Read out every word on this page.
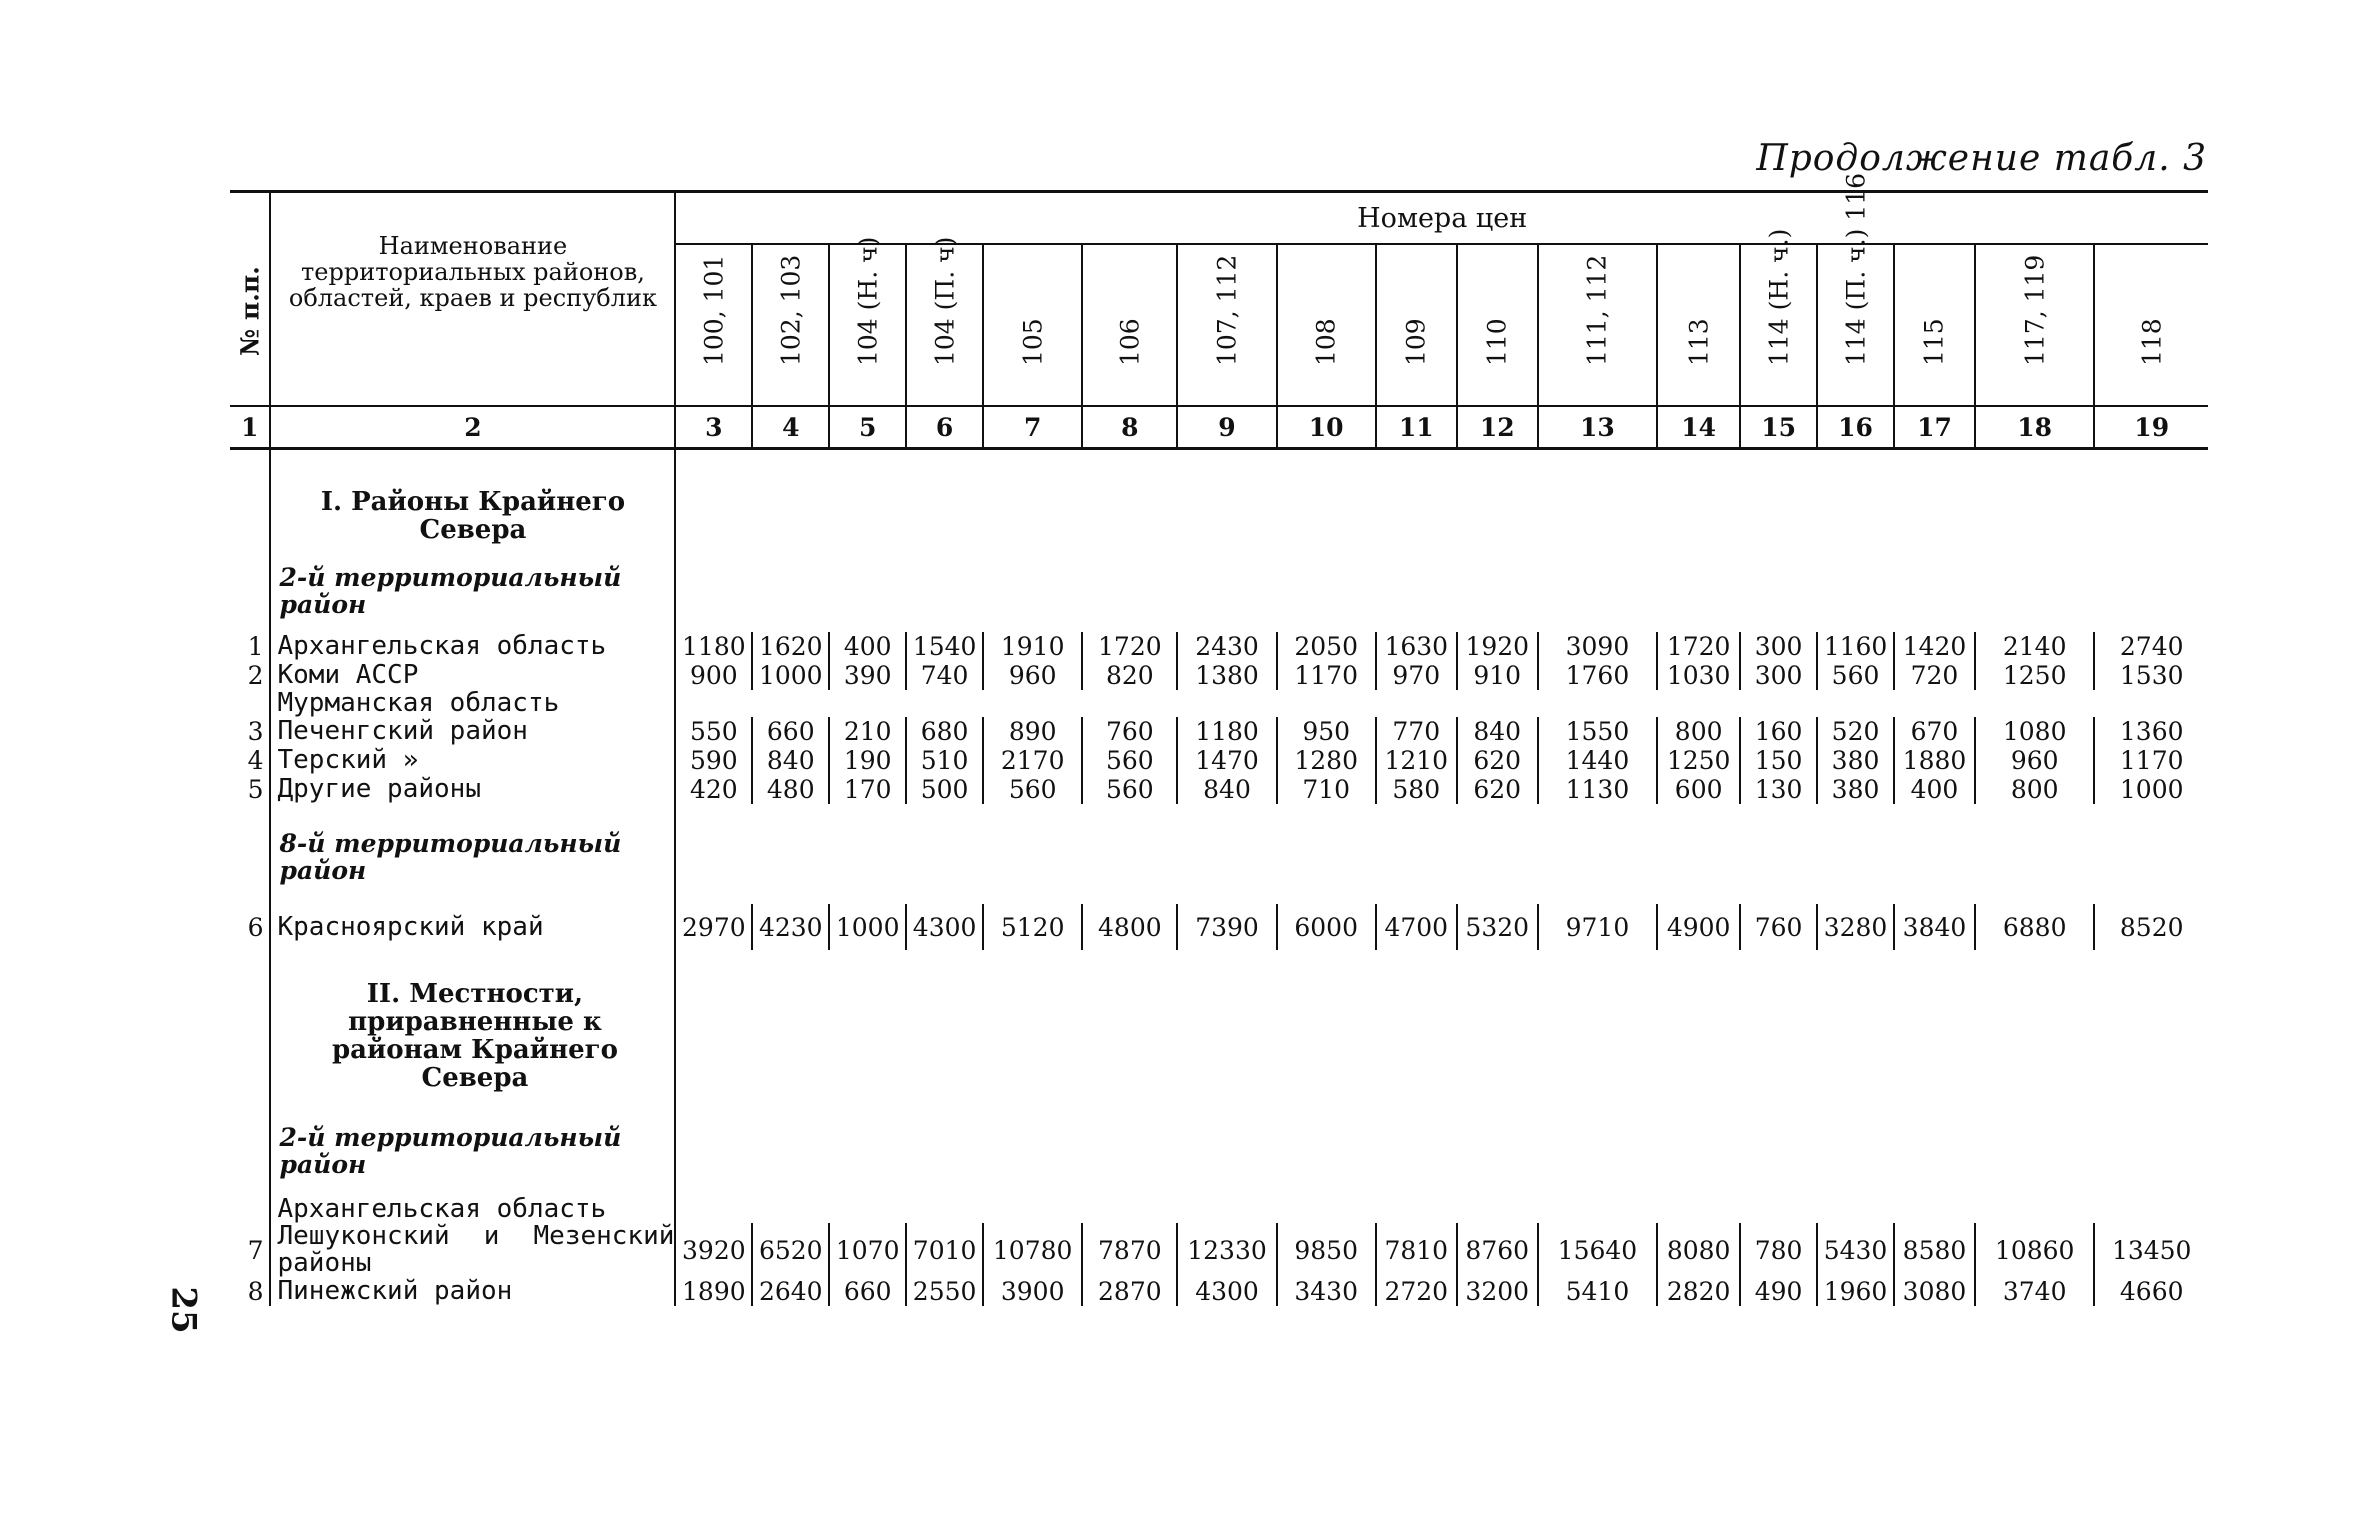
Продолжение табл. 3
№ п.п.	Наименование территориальных районов, областей, краев и республик	Номера цен																

		100, 101	102, 103	104 (Н. ч)	104 (П. ч)	105	106	107, 112	108	109	110	111, 112	113	114 (Н. ч.)	114 (П. ч.) 116	115	117, 119	118

1	2	3	4	5	6	7	8	9	10	11	12	13	14	15	16	17	18	19

	I. Районы Крайнего Севера																	
	2-й территориальный район																	
1	Архангельская область	1180	1620	400	1540	1910	1720	2430	2050	1630	1920	3090	1720	300	1160	1420	2140	2740
2	Коми АССР	900	1000	390	740	960	820	1380	1170	970	910	1760	1030	300	560	720	1250	1530
	Мурманская область																	
3	Печенгский район	550	660	210	680	890	760	1180	950	770	840	1550	800	160	520	670	1080	1360
4	Терский »	590	840	190	510	2170	560	1470	1280	1210	620	1440	1250	150	380	1880	960	1170
5	Другие районы	420	480	170	500	560	560	840	710	580	620	1130	600	130	380	400	800	1000
	8-й территориальный район																	
6	Красноярский край	2970	4230	1000	4300	5120	4800	7390	6000	4700	5320	9710	4900	760	3280	3840	6880	8520
	II. Местности, приравненные к районам Крайнего Севера																	
	2-й территориальный район																	
	Архангельская область																	
7	Лешуконский и Мезенский районы	3920	6520	1070	7010	10780	7870	12330	9850	7810	8760	15640	8080	780	5430	8580	10860	13450
8	Пинежский район	1890	2640	660	2550	3900	2870	4300	3430	2720	3200	5410	2820	490	1960	3080	3740	4660
25
